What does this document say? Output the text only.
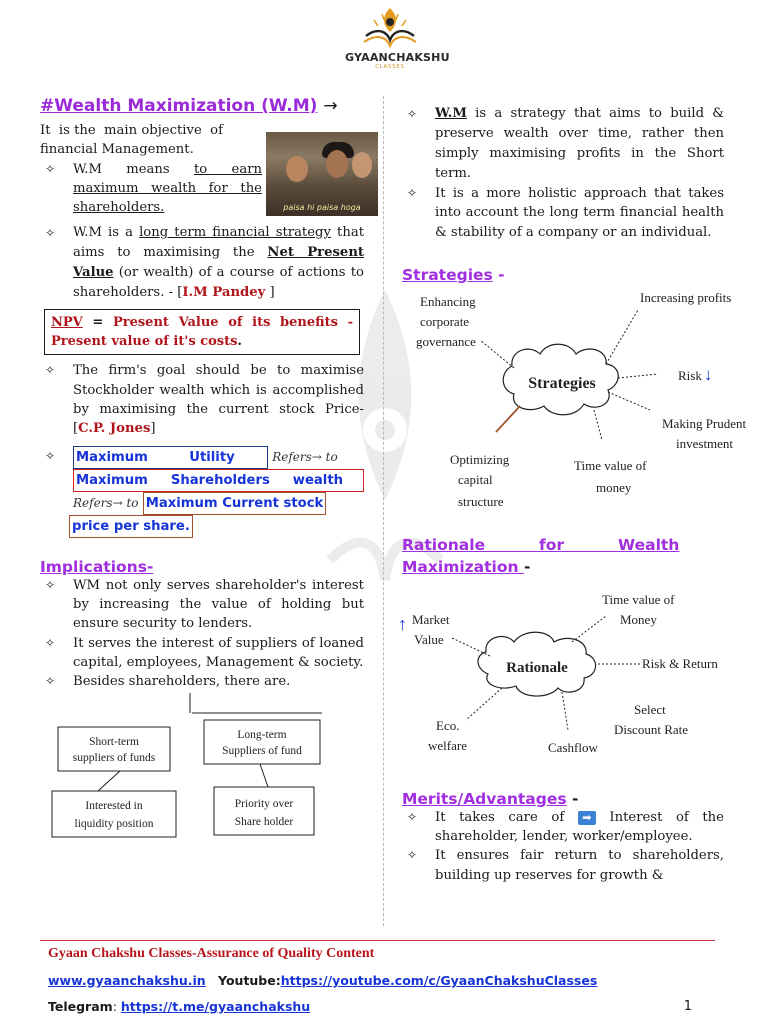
GYAANCHAKSHU
CLASSES
#Wealth Maximization (W.M) →

It  is the  main objective  of

financial Management.

paisa hi paisa hoga
✧ W.M means to earn maximum wealth for the shareholders.
✧ W.M is a long term financial strategy that aims to maximising the Net Present Value (or wealth) of a course of actions to shareholders. - [I.M Pandey ]
NPV = Present Value of its benefits - Present value of it's costs.
✧ The firm's goal should be to maximise Stockholder wealth which is accomplished by maximising the current stock Price- [C.P. Jones]
✧ Maximum         Utility	Refers→ to
Maximum     Shareholders     wealth
Refers→ to Maximum Current stock
price per share.
Implications-
✧ WM not only serves shareholder's interest by increasing the value of holding but ensure security to lenders.
✧ It serves the interest of suppliers of loaned capital, employees, Management & society.
✧ Besides shareholders, there are.
Short-term
suppliers of funds
Long-term
Suppliers of fund
Interested in
liquidity position
Priority over
Share holder
✧ W.M is a strategy that aims to build & preserve wealth over time, rather then simply maximising profits in the Short term.
✧ It is a more holistic approach that takes into account the long term financial health & stability of a company or an individual.
Strategies -
Strategies
Enhancing
corporate
governance
Increasing profits
Risk ↓
Making Prudent
investment
Optimizing
capital
structure
Time value of
money
Rationale          for          Wealth
Maximization -
Rationale
↑ Market
Value
Time value of
Money
Risk & Return
Select
Discount Rate
Cashflow
Eco.
welfare
Merits/Advantages -
✧ It takes care of ➡ Interest of the shareholder, lender, worker/employee.
✧ It ensures fair return to shareholders, building up reserves for growth &
Gyaan Chakshu Classes-Assurance of Quality Content
www.gyaanchakshu.in Youtube:https://youtube.com/c/GyaanChakshuClasses
Telegram: https://t.me/gyaanchakshu	1
